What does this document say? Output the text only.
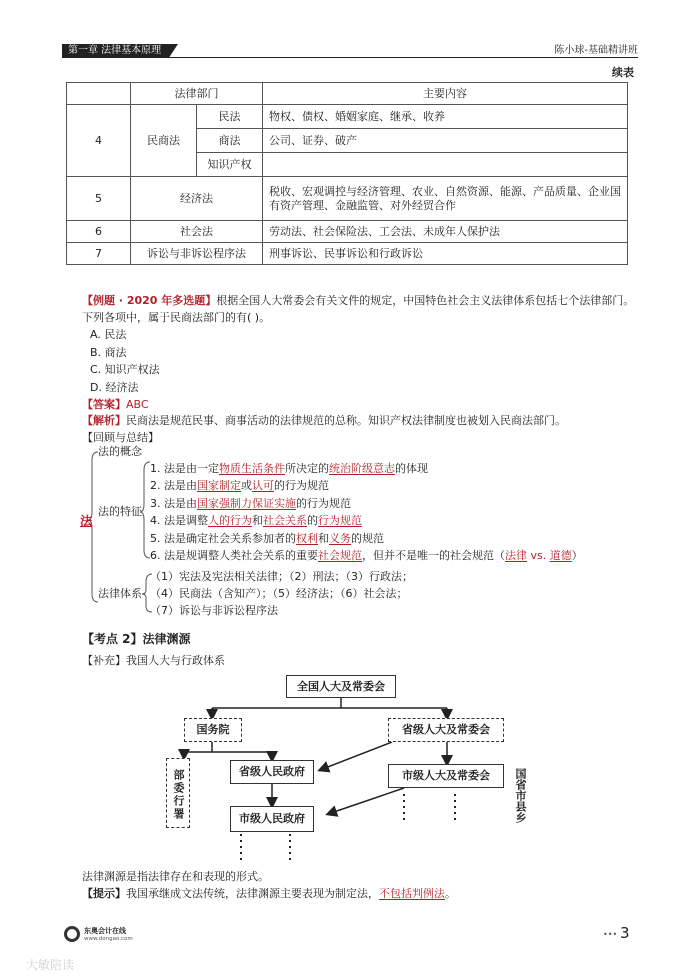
第一章 法律基本原理	陈小球-基础精讲班
续表
	法律部门		主要内容
4	民商法	民法	物权、债权、婚姻家庭、继承、收养
		商法	公司、证券、破产
		知识产权	
5	经济法		税收、宏观调控与经济管理、农业、自然资源、能源、产品质量、企业国有资产管理、金融监管、对外经贸合作
6	社会法		劳动法、社会保险法、工会法、未成年人保护法
7	诉讼与非诉讼程序法		刑事诉讼、民事诉讼和行政诉讼
【例题 · 2020 年多选题】根据全国人大常委会有关文件的规定，中国特色社会主义法律体系包括七个法律部门。下列各项中，属于民商法部门的有( )。
A. 民法
B. 商法
C. 知识产权法
D. 经济法
【答案】ABC
【解析】民商法是规范民事、商事活动的法律规范的总称。知识产权法律制度也被划入民商法部门。
【回顾与总结】
法
法的概念
法的特征
法律体系
1. 法是由一定物质生活条件所决定的统治阶级意志的体现
2. 法是由国家制定或认可的行为规范
3. 法是由国家强制力保证实施的行为规范
4. 法是调整人的行为和社会关系的行为规范
5. 法是确定社会关系参加者的权利和义务的规范
6. 法是规调整人类社会关系的重要社会规范，但并不是唯一的社会规范（法律 vs. 道德）
（1）宪法及宪法相关法律；（2）刑法；（3）行政法；
（4）民商法（含知产）；（5）经济法；（6）社会法；
（7）诉讼与非诉讼程序法
【考点 2】法律渊源
【补充】我国人大与行政体系
全国人大及常委会
国务院	省级人大及常委会
部委行署	省级人民政府	市级人大及常委会
市级人民政府	国省市县乡
法律渊源是指法律存在和表现的形式。
【提示】我国承继成文法传统，法律渊源主要表现为制定法，不包括判例法。
东奥会计在线
www.dongao.com	••• 3
大敏陪读
